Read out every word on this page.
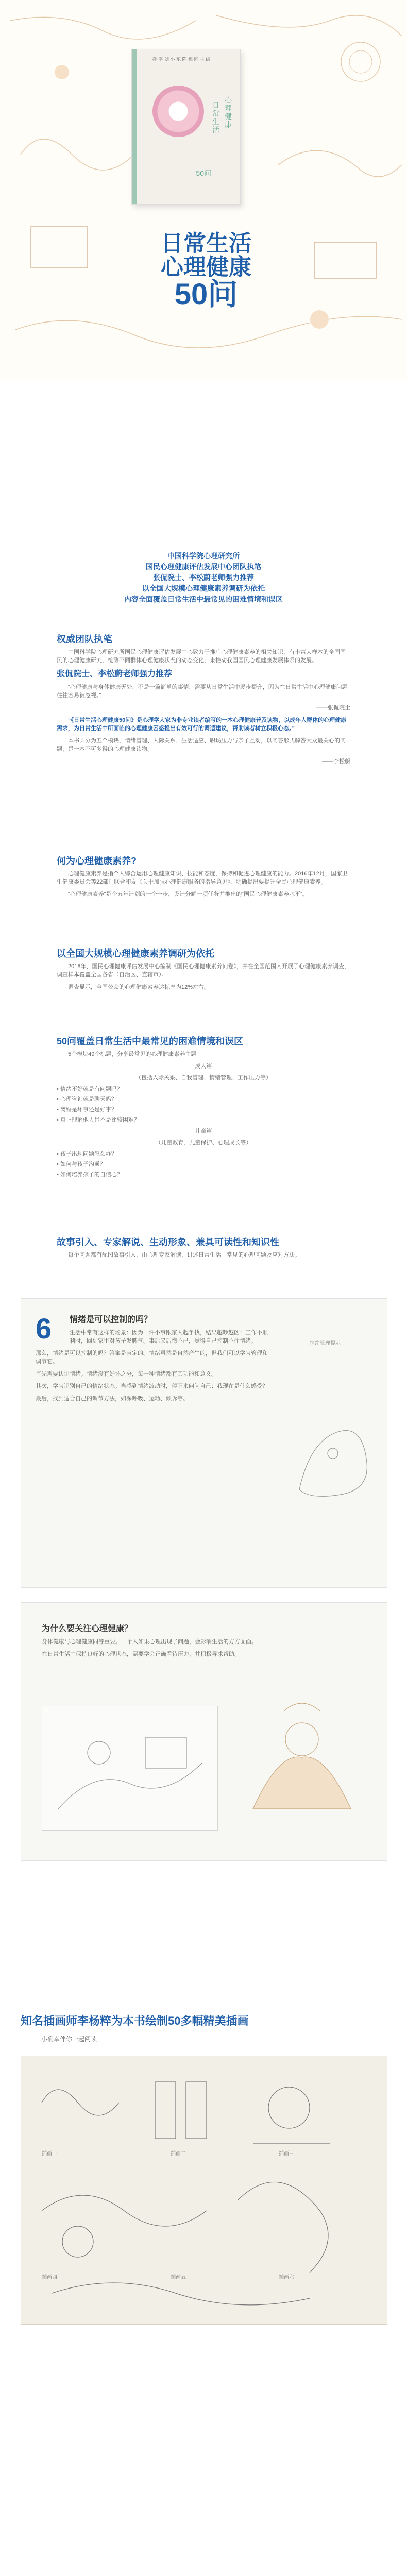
孙 平 刘 小 东 陈 福 同 主 编
50
心理健康
日常生活
50问
日常生活
心理健康
50问
中国科学院心理研究所
国民心理健康评估发展中心团队执笔
张侃院士、李松蔚老师强力推荐
以全国大规模心理健康素养调研为依托
内容全面覆盖日常生活中最常见的困难情境和误区
权威团队执笔
中国科学院心理研究所国民心理健康评估发展中心致力于推广心理健康素养的相关知识，有丰富大样本的全国国民的心理健康研究，检测不同群体心理健康状况的动态变化，来推动我国国民心理健康发展体系的发展。
张侃院士、李松蔚老师强力推荐
“心理健康与身体健康无处，不是一篇简单的事情，需要从日常生活中逐步提升，因为在日常生活中心理健康问题往往容易被忽视。”
——张侃院士
“《日常生活心理健康50问》是心理学大家为非专业读者编写的一本心理健康普及读物，以成年人群体的心理健康需求，为日常生活中所面临的心理健康困惑提出有效可行的调适建议，帮助读者树立积极心态。”
本书共分为五个模块，情绪管理、人际关系、生活适应、职场压力与亲子互动，以问答形式解答大众最关心的问题，是一本不可多得的心理健康读物。
——李松蔚
何为心理健康素养?
心理健康素养是指个人综合运用心理健康知识、技能和态度，保持和促进心理健康的能力。2016年12月，国家卫生健康委员会等22部门联合印发《关于加强心理健康服务的指导意见》，明确提出要提升全民心理健康素养。
“心理健康素养”是个五年计划的一个一步，设计分解一项任务并推出的“国民心理健康素养水平”。
以全国大规模心理健康素养调研为依托
2018年，国民心理健康评估发展中心编制《国民心理健康素养问卷》，并在全国范围内开展了心理健康素养调查，调查样本覆盖全国各省（自治区、直辖市）。
调查显示，全国公众的心理健康素养达标率为12%左右。
50问覆盖日常生活中最常见的困难情境和误区
5个模块49个标题，分享最常见的心理健康素养主题
成人篇
（包括人际关系、自我管理、情绪管理、工作压力等）
• 情绪不好就是有问题吗？
• 心理咨询就是聊天吗？
• 离婚是坏事还是好事？
• 真正理解他人是不是比较困难？
儿童篇
（儿童教育、儿童保护、心理成长等）
• 孩子出现问题怎么办？
• 如何与孩子沟通？
• 如何培养孩子的自信心？
故事引入、专家解说、生动形象、兼具可读性和知识性
每个问题都有配图故事引入，由心理专家解读，讲述日常生活中常见的心理问题及应对方法。
6	情绪是可以控制的吗？
生活中常有这样的场景：因为一件小事跟家人起争执，结果越吵越凶；工作不顺利时，回到家里对孩子发脾气。事后又后悔不已，觉得自己控制不住情绪。
那么，情绪是可以控制的吗？答案是肯定的。情绪虽然是自然产生的，但我们可以学习管理和调节它。
首先需要认识情绪。情绪没有好坏之分，每一种情绪都有其功能和意义。
其次，学习识别自己的情绪状态。当感到情绪波动时，停下来问问自己：我现在是什么感受？
最后，找到适合自己的调节方法，如深呼吸、运动、倾诉等。
情绪管理提示
为什么要关注心理健康？
身体健康与心理健康同等重要。一个人如果心理出现了问题，会影响生活的方方面面。
在日常生活中保持良好的心理状态，需要学会正确看待压力，并积极寻求帮助。
知名插画师李杨粹为本书绘制50多幅精美插画
小确幸伴你一起阅读
插画一	插画二	插画三
插画四	插画五	插画六
